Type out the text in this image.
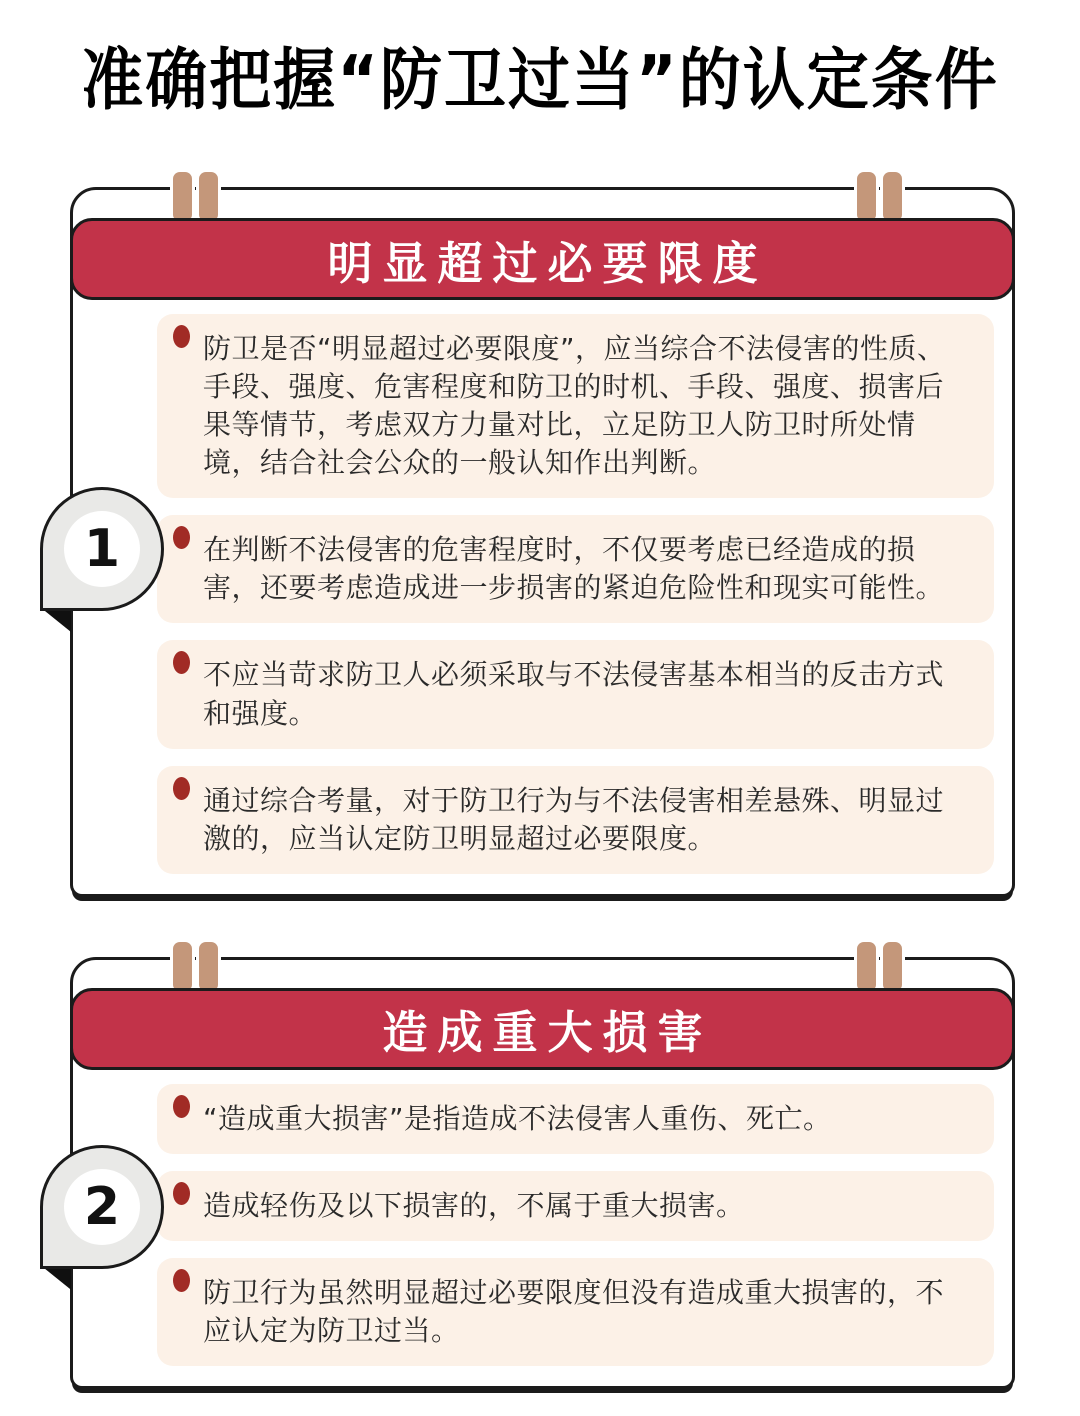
准确把握“防卫过当”的认定条件
明显超过必要限度

防卫是否“明显超过必要限度”，应当综合不法侵害的性质、手段、强度、危害程度和防卫的时机、手段、强度、损害后果等情节，考虑双方力量对比，立足防卫人防卫时所处情境，结合社会公众的一般认知作出判断。

在判断不法侵害的危害程度时，不仅要考虑已经造成的损害，还要考虑造成进一步损害的紧迫危险性和现实可能性。

不应当苛求防卫人必须采取与不法侵害基本相当的反击方式和强度。

通过综合考量，对于防卫行为与不法侵害相差悬殊、明显过激的，应当认定防卫明显超过必要限度。

1
造成重大损害

“造成重大损害”是指造成不法侵害人重伤、死亡。

造成轻伤及以下损害的，不属于重大损害。

防卫行为虽然明显超过必要限度但没有造成重大损害的，不应认定为防卫过当。

2
